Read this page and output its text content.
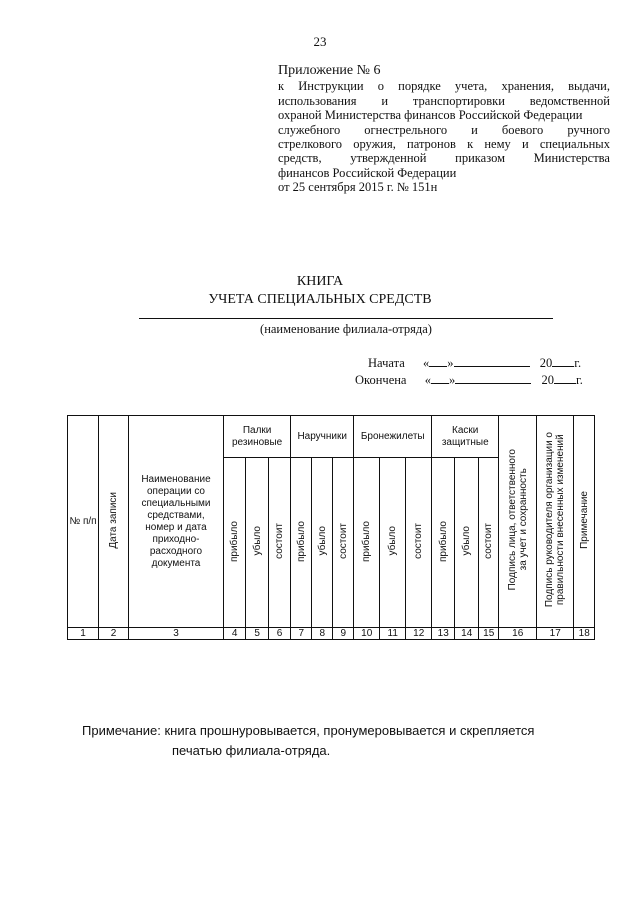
23
Приложение № 6
к Инструкции о порядке учета, хранения, выдачи,
использования и транспортировки ведомственной
охраной Министерства финансов Российской Федерации
служебного огнестрельного и боевого ручного
стрелкового оружия, патронов к нему и специальных
средств, утвержденной приказом Министерства
финансов Российской Федерации
от 25 сентября 2015 г. № 151н
КНИГА
УЧЕТА СПЕЦИАЛЬНЫХ СРЕДСТВ
(наименование филиала-отряда)
Начата « »	20 г.
Окончена « »	20 г.
№ п/п	Дата записи	Наименование операции со специальными средствами, номер и дата приходно-расходного документа	Палки резиновые			Наручники			Бронежилеты			Каски защитные			Подпись лица, ответственного
за учет и сохранность	Подпись руководителя организации о
правильности внесенных изменений	Примечание
			прибыло	убыло	состоит	прибыло	убыло	состоит	прибыло	убыло	состоит	прибыло	убыло	состоит			
1	2	3	4	5	6	7	8	9	10	11	12	13	14	15	16	17	18
Примечание: книга прошнуровывается, пронумеровывается и скрепляется
печатью филиала-отряда.
